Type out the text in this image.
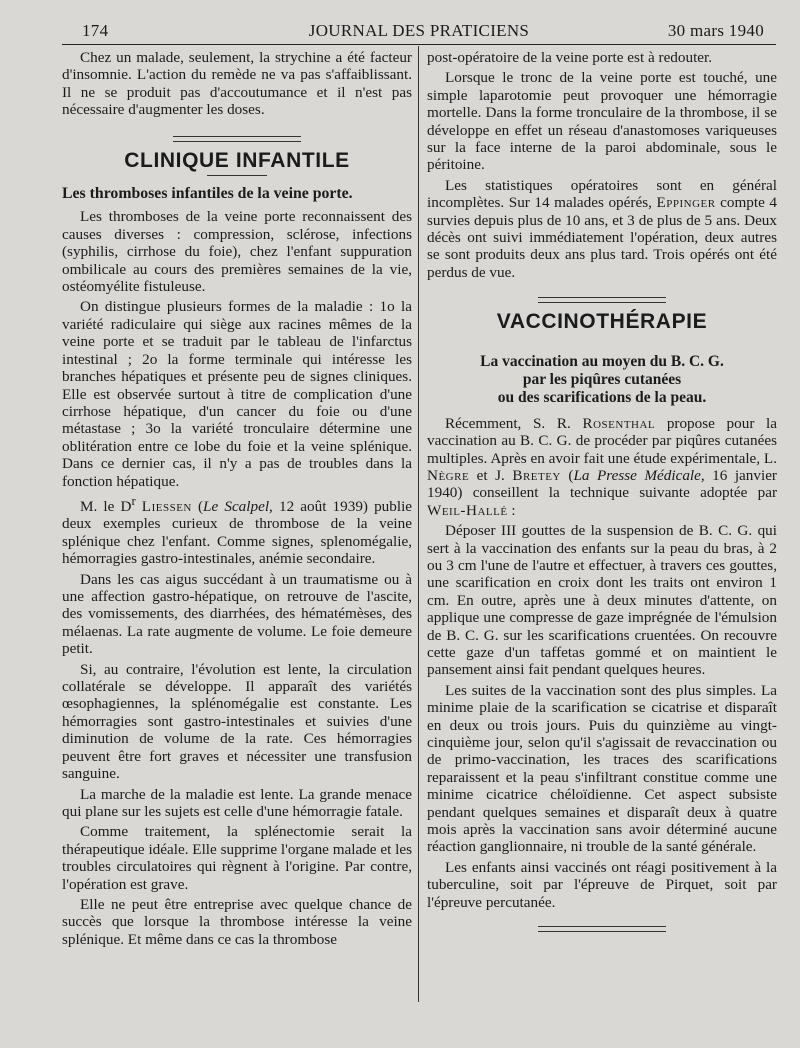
174	JOURNAL DES PRATICIENS	30 mars 1940

Chez un malade, seulement, la strychine a été facteur d'insomnie. L'action du remède ne va pas s'affaiblissant. Il ne se produit pas d'accoutumance et il n'est pas nécessaire d'augmenter les doses.

CLINIQUE INFANTILE

Les thromboses infantiles de la veine porte.

Les thromboses de la veine porte reconnaissent des causes diverses : compression, sclérose, infections (syphilis, cirrhose du foie), chez l'enfant suppuration ombilicale au cours des premières semaines de la vie, ostéomyélite fistuleuse.

On distingue plusieurs formes de la maladie : 1o la variété radiculaire qui siège aux racines mêmes de la veine porte et se traduit par le tableau de l'infarctus intestinal ; 2o la forme terminale qui intéresse les branches hépatiques et présente peu de signes cliniques. Elle est observée surtout à titre de complication d'une cirrhose hépatique, d'un cancer du foie ou d'une métastase ; 3o la variété tronculaire détermine une oblitération entre ce lobe du foie et la veine splénique. Dans ce dernier cas, il n'y a pas de troubles dans la fonction hépatique.

M. le $D^r$ Liessen (Le Scalpel, 12 août 1939) publie deux exemples curieux de thrombose de la veine splénique chez l'enfant. Comme signes, splenomégalie, hémorragies gastro-intestinales, anémie secondaire.

Dans les cas aigus succédant à un traumatisme ou à une affection gastro-hépatique, on retrouve de l'ascite, des vomissements, des diarrhées, des hématémèses, des mélaenas. La rate augmente de volume. Le foie demeure petit.

Si, au contraire, l'évolution est lente, la circulation collatérale se développe. Il apparaît des variétés œsophagiennes, la splénomégalie est constante. Les hémorragies sont gastro-intestinales et suivies d'une diminution de volume de la rate. Ces hémorragies peuvent être fort graves et nécessiter une transfusion sanguine.

La marche de la maladie est lente. La grande menace qui plane sur les sujets est celle d'une hémorragie fatale.

Comme traitement, la splénectomie serait la thérapeutique idéale. Elle supprime l'organe malade et les troubles circulatoires qui règnent à l'origine. Par contre, l'opération est grave.

Elle ne peut être entreprise avec quelque chance de succès que lorsque la thrombose intéresse la veine splénique. Et même dans ce cas la thrombose

post-opératoire de la veine porte est à redouter.

Lorsque le tronc de la veine porte est touché, une simple laparotomie peut provoquer une hémorragie mortelle. Dans la forme tronculaire de la thrombose, il se développe en effet un réseau d'anastomoses variqueuses sur la face interne de la paroi abdominale, sous le péritoine.

Les statistiques opératoires sont en général incomplètes. Sur 14 malades opérés, Eppinger compte 4 survies depuis plus de 10 ans, et 3 de plus de 5 ans. Deux décès ont suivi immédiatement l'opération, deux autres se sont produits deux ans plus tard. Trois opérés ont été perdus de vue.

VACCINOTHÉRAPIE
La vaccination au moyen du B. C. G.
par les piqûres cutanées
ou des scarifications de la peau.

Récemment, S. R. Rosenthal propose pour la vaccination au B. C. G. de procéder par piqûres cutanées multiples. Après en avoir fait une étude expérimentale, L. Nègre et J. Bretey (La Presse Médicale, 16 janvier 1940) conseillent la technique suivante adoptée par Weil-Hallé :

Déposer III gouttes de la suspension de B. C. G. qui sert à la vaccination des enfants sur la peau du bras, à 2 ou 3 cm l'une de l'autre et effectuer, à travers ces gouttes, une scarification en croix dont les traits ont environ 1 cm. En outre, après une à deux minutes d'attente, on applique une compresse de gaze imprégnée de l'émulsion de B. C. G. sur les scarifications cruentées. On recouvre cette gaze d'un taffetas gommé et on maintient le pansement ainsi fait pendant quelques heures.

Les suites de la vaccination sont des plus simples. La minime plaie de la scarification se cicatrise et disparaît en deux ou trois jours. Puis du quinzième au vingt-cinquième jour, selon qu'il s'agissait de revaccination ou de primo-vaccination, les traces des scarifications reparaissent et la peau s'infiltrant constitue comme une minime cicatrice chéloïdienne. Cet aspect subsiste pendant quelques semaines et disparaît deux à quatre mois après la vaccination sans avoir déterminé aucune réaction ganglionnaire, ni trouble de la santé générale.

Les enfants ainsi vaccinés ont réagi positivement à la tuberculine, soit par l'épreuve de Pirquet, soit par l'épreuve percutanée.
